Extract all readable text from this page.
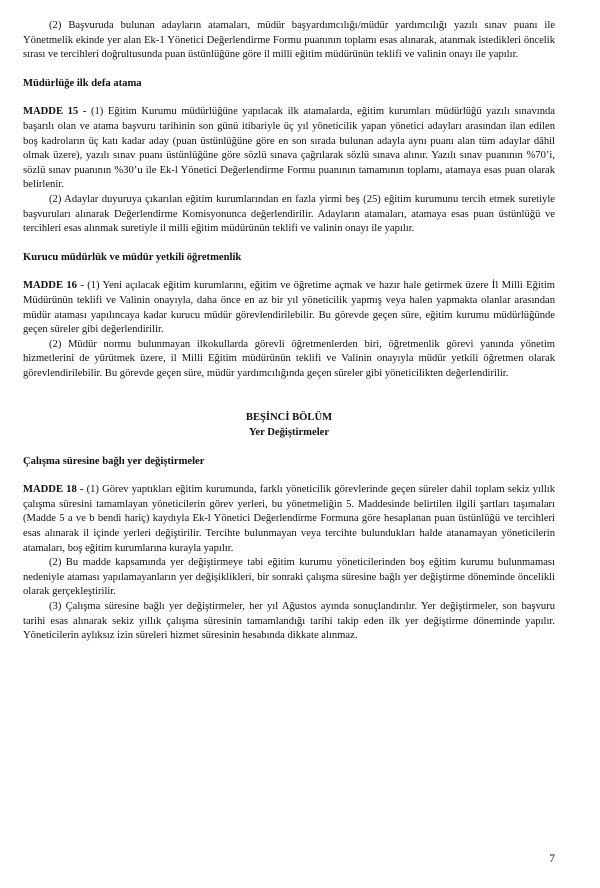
(2) Başvuruda bulunan adayların atamaları, müdür başyardımcılığı/müdür yardımcılığı yazılı sınav puanı ile Yönetmelik ekinde yer alan Ek-1 Yönetici Değerlendirme Formu puanının toplamı esas alınarak, atanmak istedikleri öncelik sırası ve tercihleri doğrultusunda puan üstünlüğüne göre il milli eğitim müdürünün teklifi ve valinin onayı ile yapılır.

Müdürlüğe ilk defa atama

MADDE 15 - (1) Eğitim Kurumu müdürlüğüne yapılacak ilk atamalarda, eğitim kurumları müdürlüğü yazılı sınavında başarılı olan ve atama başvuru tarihinin son günü itibariyle üç yıl yöneticilik yapan yönetici adayları arasından ilan edilen boş kadroların üç katı kadar aday (puan üstünlüğüne göre en son sırada bulunan adayla aynı puanı alan tüm adaylar dâhil olmak üzere), yazılı sınav puanı üstünlüğüne göre sözlü sınava çağrılarak sözlü sınava alınır. Yazılı sınav puanının %70’i, sözlü sınav puanının %30’u ile Ek-l Yönetici Değerlendirme Formu puanının tamamının toplamı, atamaya esas puan olarak belirlenir.

(2) Adaylar duyuruya çıkarılan eğitim kurumlarından en fazla yirmi beş (25) eğitim kurumunu tercih etmek suretiyle başvuruları alınarak Değerlendirme Komisyonunca değerlendirilir. Adayların atamaları, atamaya esas puan üstünlüğü ve tercihleri esas alınmak suretiyle il milli eğitim müdürünün teklifi ve valinin onayı ile yapılır.

Kurucu müdürlük ve müdür yetkili öğretmenlik

MADDE 16 - (1) Yeni açılacak eğitim kurumlarını, eğitim ve öğretime açmak ve hazır hale getirmek üzere İl Milli Eğitim Müdürünün teklifi ve Valinin onayıyla, daha önce en az bir yıl yöneticilik yapmış veya halen yapmakta olanlar arasından müdür ataması yapılıncaya kadar kurucu müdür görevlendirilebilir. Bu görevde geçen süre, eğitim kurumu müdürlüğünde geçen süreler gibi değerlendirilir.

(2) Müdür normu bulunmayan ilkokullarda görevli öğretmenlerden biri, öğretmenlik görevi yanında yönetim hizmetlerini de yürütmek üzere, il Milli Eğitim müdürünün teklifi ve Valinin onayıyla müdür yetkili öğretmen olarak görevlendirilebilir. Bu görevde geçen süre, müdür yardımcılığında geçen süreler gibi yöneticilikten değerlendirilir.

BEŞİNCİ BÖLÜM

Yer Değiştirmeler

Çalışma süresine bağlı yer değiştirmeler

MADDE 18 - (1) Görev yaptıkları eğitim kurumunda, farklı yöneticilik görevlerinde geçen süreler dahil toplam sekiz yıllık çalışma süresini tamamlayan yöneticilerin görev yerleri, bu yönetmeliğin 5. Maddesinde belirtilen ilgili şartları taşımaları (Madde 5 a ve b bendi hariç) kaydıyla Ek-l Yönetici Değerlendirme Formuna göre hesaplanan puan üstünlüğü ve tercihleri esas alınarak il içinde yerleri değiştirilir. Tercihte bulunmayan veya tercihte bulundukları halde atanamayan yöneticilerin atamaları, boş eğitim kurumlarına kurayla yapılır.

(2) Bu madde kapsamında yer değiştirmeye tabi eğitim kurumu yöneticilerinden boş eğitim kurumu bulunmaması nedeniyle ataması yapılamayanların yer değişiklikleri, bir sonraki çalışma süresine bağlı yer değiştirme döneminde öncelikli olarak gerçekleştirilir.

(3) Çalışma süresine bağlı yer değiştirmeler, her yıl Ağustos ayında sonuçlandırılır. Yer değiştirmeler, son başvuru tarihi esas alınarak sekiz yıllık çalışma süresinin tamamlandığı tarihi takip eden ilk yer değiştirme döneminde yapılır. Yöneticilerin aylıksız izin süreleri hizmet süresinin hesabında dikkate alınmaz.

7
